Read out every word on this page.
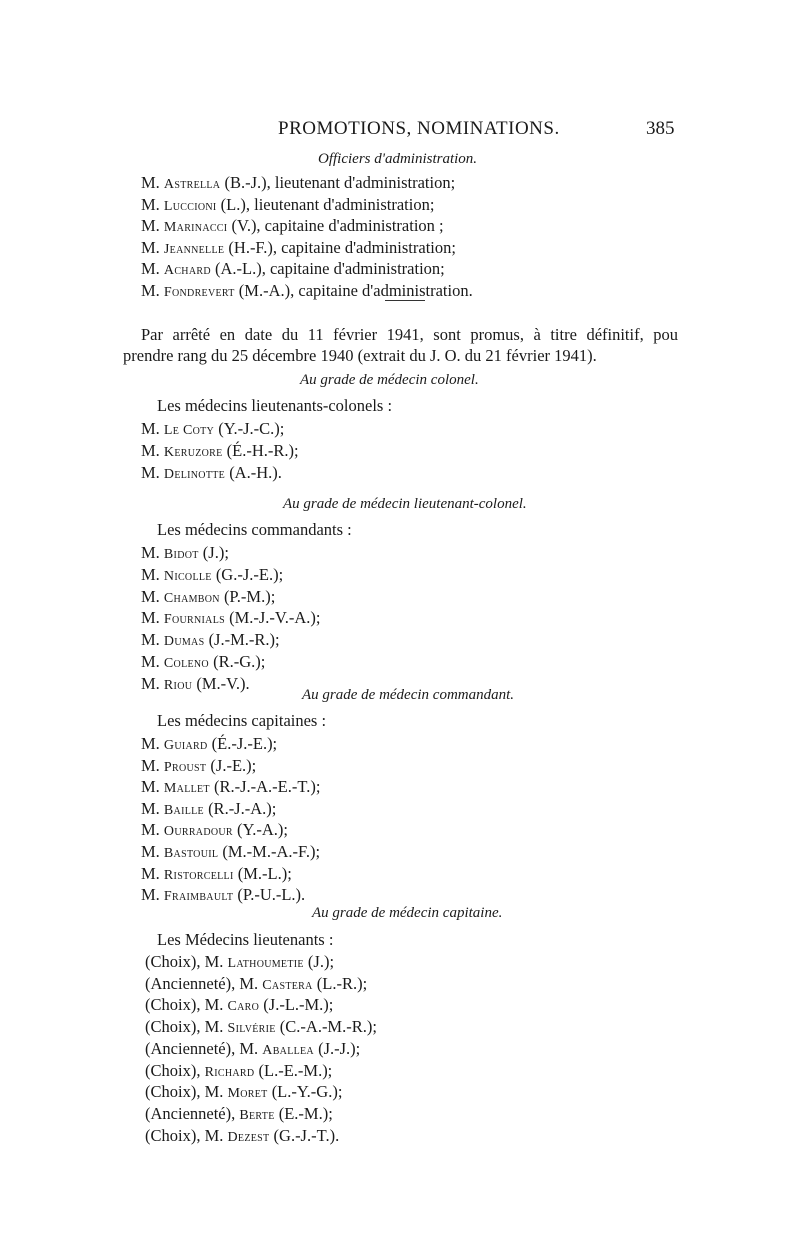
PROMOTIONS, NOMINATIONS.	385
Officiers d'administration.
M. Astrella (B.-J.), lieutenant d'administration;
M. Luccioni (L.), lieutenant d'administration;
M. Marinacci (V.), capitaine d'administration ;
M. Jeannelle (H.-F.), capitaine d'administration;
M. Achard (A.-L.), capitaine d'administration;
M. Fondrevert (M.-A.), capitaine d'administration.
Par arrêté en date du 11 février 1941, sont promus, à titre définitif, pou
prendre rang du 25 décembre 1940 (extrait du J. O. du 21 février 1941).
Au grade de médecin colonel.
Les médecins lieutenants-colonels :
M. Le Coty (Y.-J.-C.);
M. Keruzore (É.-H.-R.);
M. Delinotte (A.-H.).
Au grade de médecin lieutenant-colonel.
Les médecins commandants :
M. Bidot (J.);
M. Nicolle (G.-J.-E.);
M. Chambon (P.-M.);
M. Fournials (M.-J.-V.-A.);
M. Dumas (J.-M.-R.);
M. Coleno (R.-G.);
M. Riou (M.-V.).
Au grade de médecin commandant.
Les médecins capitaines :
M. Guiard (É.-J.-E.);
M. Proust (J.-E.);
M. Mallet (R.-J.-A.-E.-T.);
M. Baille (R.-J.-A.);
M. Ourradour (Y.-A.);
M. Bastouil (M.-M.-A.-F.);
M. Ristorcelli (M.-L.);
M. Fraimbault (P.-U.-L.).
Au grade de médecin capitaine.
Les Médecins lieutenants :
(Choix), M. Lathoumetie (J.);
(Ancienneté), M. Castera (L.-R.);
(Choix), M. Caro (J.-L.-M.);
(Choix), M. Silvérie (C.-A.-M.-R.);
(Ancienneté), M. Aballea (J.-J.);
(Choix), Richard (L.-E.-M.);
(Choix), M. Moret (L.-Y.-G.);
(Ancienneté), Berte (E.-M.);
(Choix), M. Dezest (G.-J.-T.).
